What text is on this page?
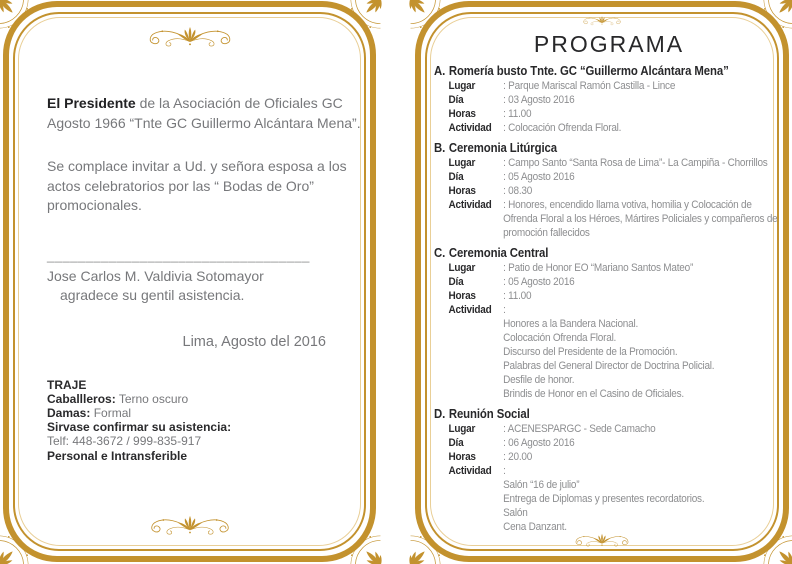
El Presidente de la Asociación de Oficiales GC
Agosto 1966 “Tnte GC Guillermo Alcántara Mena”.

Se complace invitar a Ud. y señora esposa a los
actos celebratorios por las “ Bodas de Oro”
promocionales.

__________________________________
Jose Carlos M. Valdivia Sotomayor
agradece su gentil asistencia.
Lima, Agosto del 2016
TRAJE
Caballleros: Terno oscuro
Damas: Formal
Sirvase confirmar su asistencia:
Telf: 448-3672 / 999-835-917
Personal e Intransferible
PROGRAMA
A. Romería busto Tnte. GC “Guillermo Alcántara Mena”
Lugar	: Parque Mariscal Ramón Castilla - Lince
Día	: 03 Agosto 2016
Horas	: 11.00
Actividad	: Colocación Ofrenda Floral.
B. Ceremonia Litúrgica
Lugar	: Campo Santo “Santa Rosa de Lima”- La Campiña - Chorrillos
Día	: 05 Agosto 2016
Horas	: 08.30
Actividad	: Honores, encendido llama votiva, homilia y Colocación de Ofrenda Floral a los Héroes, Mártires Policiales y compañeros de promoción fallecidos
C. Ceremonia Central
Lugar	: Patio de Honor EO “Mariano Santos Mateo”
Día	: 05 Agosto 2016
Horas	: 11.00
Actividad	:
Honores a la Bandera Nacional.
Colocación Ofrenda Floral.
Discurso del Presidente de la Promoción.
Palabras del General Director de Doctrina Policial.
Desfile de honor.
Brindis de Honor en el Casino de Oficiales.
D. Reunión Social
Lugar	: ACENESPARGC - Sede Camacho
Día	: 06 Agosto 2016
Horas	: 20.00
Actividad	:
Salón “16 de julio”
Entrega de Diplomas y presentes recordatorios.
Salón
Cena Danzant.
